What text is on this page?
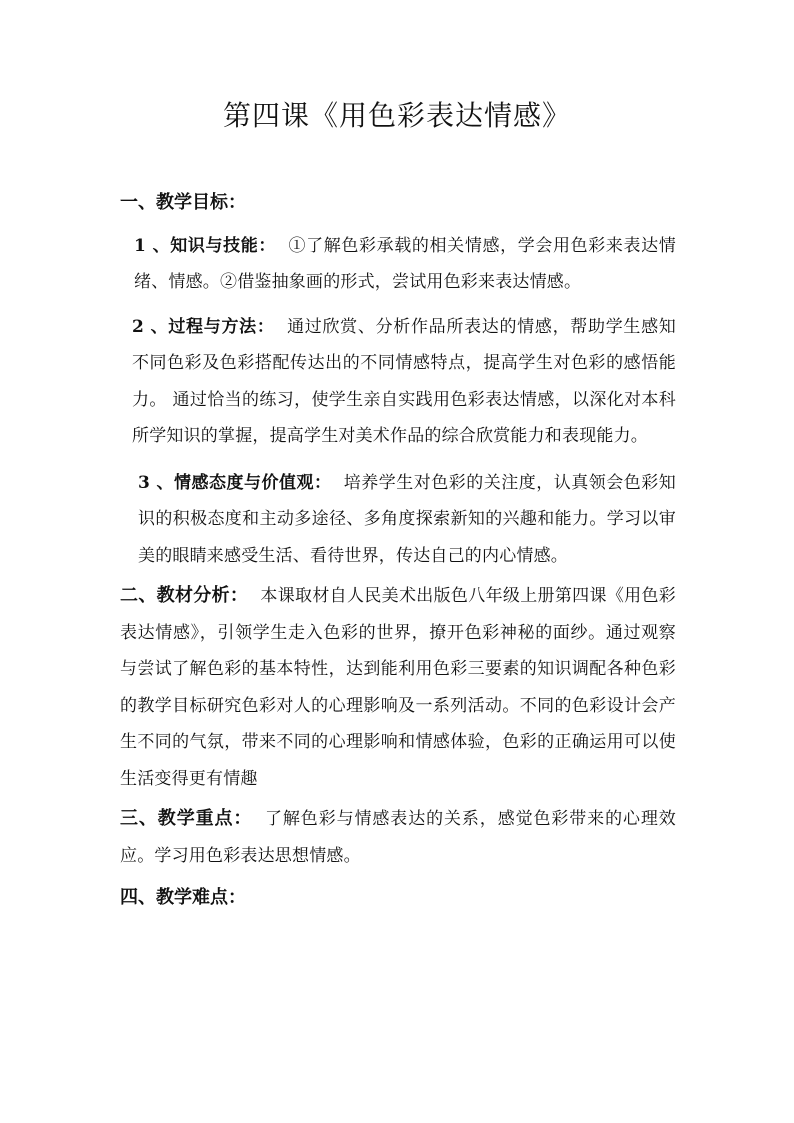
第四课《用色彩表达情感》

一、教学目标：

1 、知识与技能： ①了解色彩承载的相关情感，学会用色彩来表达情绪、情感。②借鉴抽象画的形式，尝试用色彩来表达情感。

2 、过程与方法： 通过欣赏、分析作品所表达的情感，帮助学生感知不同色彩及色彩搭配传达出的不同情感特点，提高学生对色彩的感悟能力。 通过恰当的练习，使学生亲自实践用色彩表达情感，以深化对本科所学知识的掌握，提高学生对美术作品的综合欣赏能力和表现能力。

3 、情感态度与价值观： 培养学生对色彩的关注度，认真领会色彩知识的积极态度和主动多途径、多角度探索新知的兴趣和能力。学习以审美的眼睛来感受生活、看待世界，传达自己的内心情感。

二、教材分析： 本课取材自人民美术出版色八年级上册第四课《用色彩表达情感》，引领学生走入色彩的世界，撩开色彩神秘的面纱。通过观察与尝试了解色彩的基本特性，达到能利用色彩三要素的知识调配各种色彩的教学目标研究色彩对人的心理影响及一系列活动。不同的色彩设计会产生不同的气氛，带来不同的心理影响和情感体验，色彩的正确运用可以使生活变得更有情趣

三、教学重点： 了解色彩与情感表达的关系，感觉色彩带来的心理效应。学习用色彩表达思想情感。

四、教学难点：
